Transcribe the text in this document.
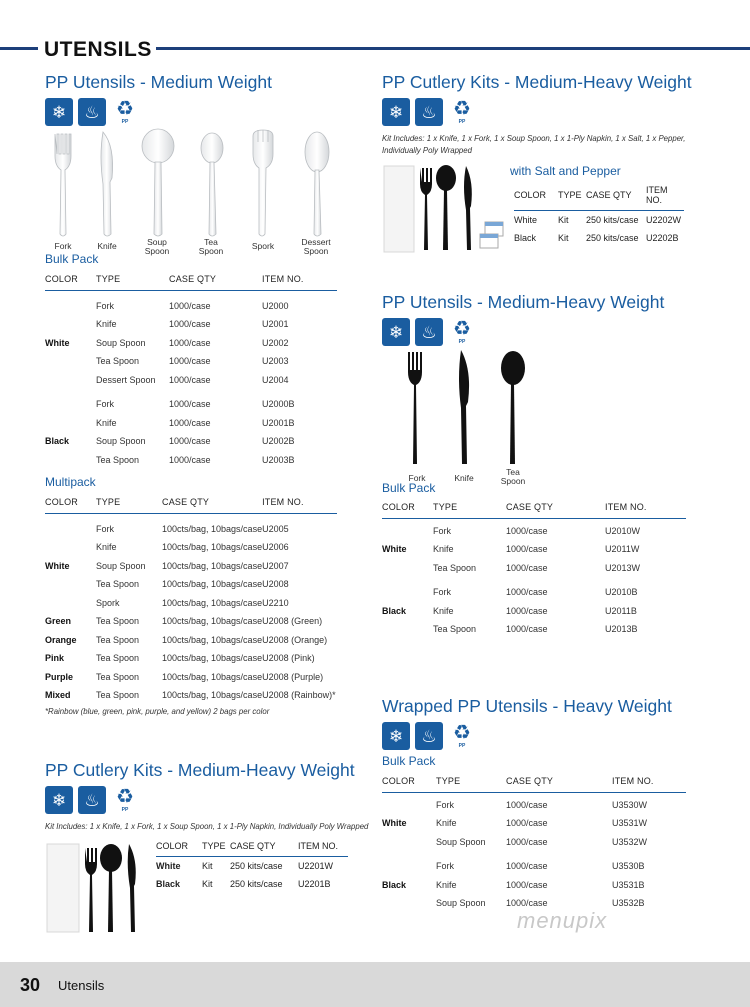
UTENSILS
PP Utensils - Medium Weight
❄	♨ ♻
PP
Fork	Knife	Soup Spoon
Tea Spoon	Spork	Dessert Spoon
Bulk Pack
COLOR	TYPE	CASE QTY	ITEM NO.

	Fork	1000/case	U2000
	Knife	1000/case	U2001
White	Soup Spoon	1000/case	U2002
	Tea Spoon	1000/case	U2003
	Dessert Spoon	1000/case	U2004

	Fork	1000/case	U2000B
	Knife	1000/case	U2001B
Black	Soup Spoon	1000/case	U2002B
	Tea Spoon	1000/case	U2003B
Multipack
COLOR	TYPE	CASE QTY	ITEM NO.

	Fork	100cts/bag, 10bags/case	U2005
	Knife	100cts/bag, 10bags/case	U2006
White	Soup Spoon	100cts/bag, 10bags/case	U2007
	Tea Spoon	100cts/bag, 10bags/case	U2008
	Spork	100cts/bag, 10bags/case	U2210
Green	Tea Spoon	100cts/bag, 10bags/case	U2008 (Green)
Orange	Tea Spoon	100cts/bag, 10bags/case	U2008 (Orange)
Pink	Tea Spoon	100cts/bag, 10bags/case	U2008 (Pink)
Purple	Tea Spoon	100cts/bag, 10bags/case	U2008 (Purple)
Mixed	Tea Spoon	100cts/bag, 10bags/case	U2008 (Rainbow)*
*Rainbow (blue, green, pink, purple, and yellow) 2 bags per color
PP Cutlery Kits - Medium-Heavy Weight
❄	♨ ♻
PP
Kit Includes: 1 x Knife, 1 x Fork, 1 x Soup Spoon, 1 x 1-Ply Napkin, Individually Poly Wrapped
COLOR	TYPE	CASE QTY	ITEM NO.
White	Kit	250 kits/case	U2201W
Black	Kit	250 kits/case	U2201B
PP Cutlery Kits - Medium-Heavy Weight
❄	♨ ♻
PP
Kit Includes: 1 x Knife, 1 x Fork, 1 x Soup Spoon, 1 x 1-Ply Napkin, 1 x Salt, 1 x Pepper,
Individually Poly Wrapped
with Salt and Pepper
COLOR	TYPE	CASE QTY	ITEM NO.
White	Kit	250 kits/case	U2202W
Black	Kit	250 kits/case	U2202B
PP Utensils - Medium-Heavy Weight
❄	♨ ♻
PP
Fork	Knife
Tea Spoon
Bulk Pack
COLOR	TYPE	CASE QTY	ITEM NO.

	Fork	1000/case	U2010W
White	Knife	1000/case	U2011W
	Tea Spoon	1000/case	U2013W

	Fork	1000/case	U2010B
Black	Knife	1000/case	U2011B
	Tea Spoon	1000/case	U2013B
Wrapped PP Utensils - Heavy Weight
❄	♨ ♻
PP
Bulk Pack
COLOR	TYPE	CASE QTY	ITEM NO.

	Fork	1000/case	U3530W
White	Knife	1000/case	U3531W
	Soup Spoon	1000/case	U3532W

	Fork	1000/case	U3530B
Black	Knife	1000/case	U3531B
	Soup Spoon	1000/case	U3532B
menupix
30 Utensils
